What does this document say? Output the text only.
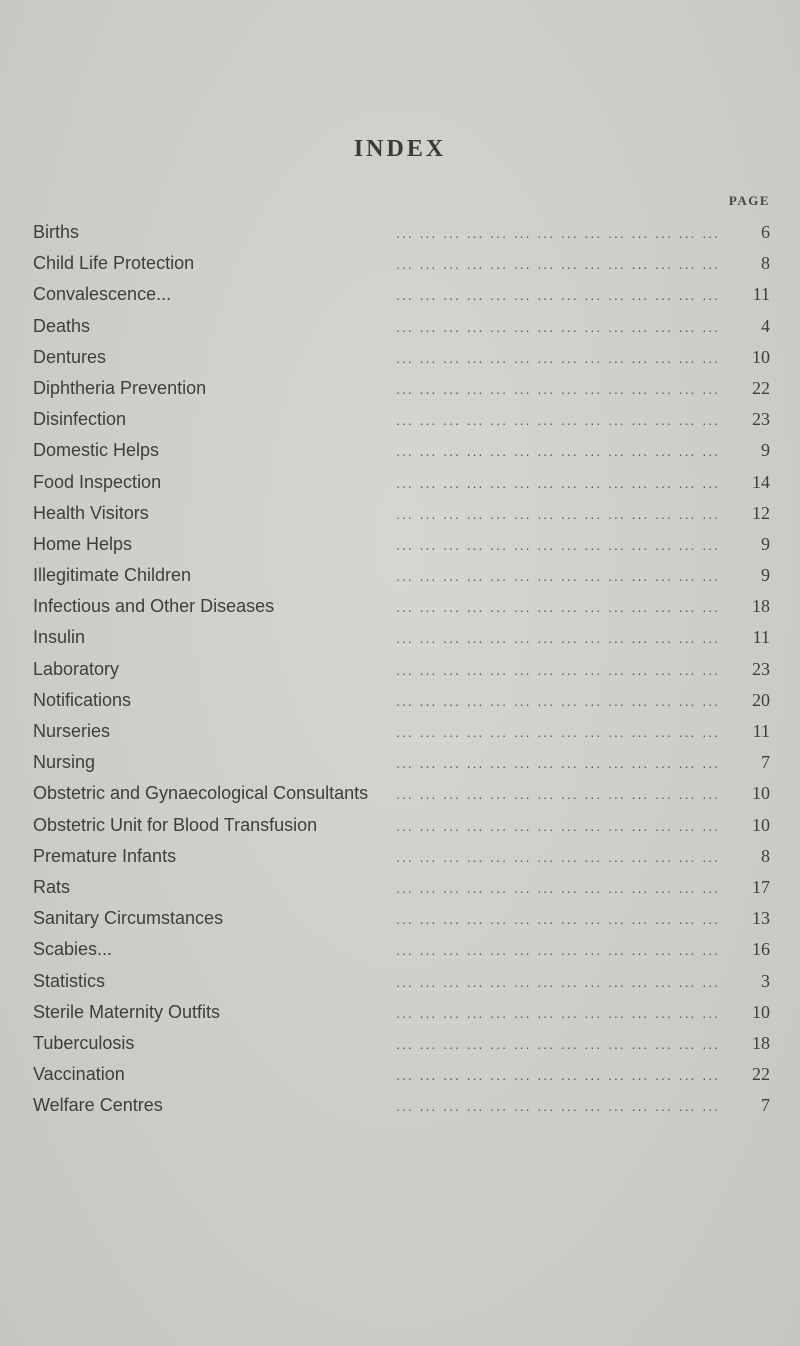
INDEX
PAGE
Births	... ... ... ... ... ... ... ... ... ... ... ... ... ...	6
Child Life Protection	... ... ... ... ... ... ... ... ... ... ... ... ... ...	8
Convalescence...	... ... ... ... ... ... ... ... ... ... ... ... ... ...	11
Deaths	... ... ... ... ... ... ... ... ... ... ... ... ... ...	4
Dentures	... ... ... ... ... ... ... ... ... ... ... ... ... ...	10
Diphtheria Prevention	... ... ... ... ... ... ... ... ... ... ... ... ... ...	22
Disinfection	... ... ... ... ... ... ... ... ... ... ... ... ... ...	23
Domestic Helps	... ... ... ... ... ... ... ... ... ... ... ... ... ...	9
Food Inspection	... ... ... ... ... ... ... ... ... ... ... ... ... ...	14
Health Visitors	... ... ... ... ... ... ... ... ... ... ... ... ... ...	12
Home Helps	... ... ... ... ... ... ... ... ... ... ... ... ... ...	9
Illegitimate Children	... ... ... ... ... ... ... ... ... ... ... ... ... ...	9
Infectious and Other Diseases	... ... ... ... ... ... ... ... ... ... ... ... ... ...	18
Insulin	... ... ... ... ... ... ... ... ... ... ... ... ... ...	11
Laboratory	... ... ... ... ... ... ... ... ... ... ... ... ... ...	23
Notifications	... ... ... ... ... ... ... ... ... ... ... ... ... ...	20
Nurseries	... ... ... ... ... ... ... ... ... ... ... ... ... ...	11
Nursing	... ... ... ... ... ... ... ... ... ... ... ... ... ...	7
Obstetric and Gynaecological Consultants	... ... ... ... ... ... ... ... ... ... ... ... ... ...	10
Obstetric Unit for Blood Transfusion	... ... ... ... ... ... ... ... ... ... ... ... ... ...	10
Premature Infants	... ... ... ... ... ... ... ... ... ... ... ... ... ...	8
Rats	... ... ... ... ... ... ... ... ... ... ... ... ... ...	17
Sanitary Circumstances	... ... ... ... ... ... ... ... ... ... ... ... ... ...	13
Scabies...	... ... ... ... ... ... ... ... ... ... ... ... ... ...	16
Statistics	... ... ... ... ... ... ... ... ... ... ... ... ... ...	3
Sterile Maternity Outfits	... ... ... ... ... ... ... ... ... ... ... ... ... ...	10
Tuberculosis	... ... ... ... ... ... ... ... ... ... ... ... ... ...	18
Vaccination	... ... ... ... ... ... ... ... ... ... ... ... ... ...	22
Welfare Centres	... ... ... ... ... ... ... ... ... ... ... ... ... ...	7
